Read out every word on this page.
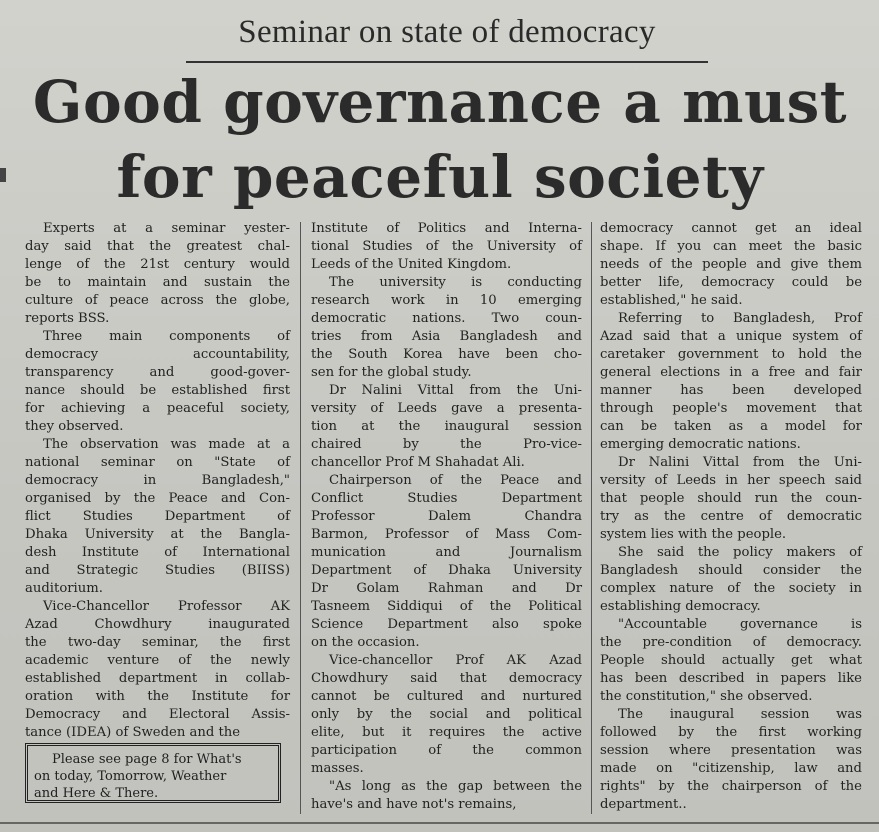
Seminar on state of democracy
Good governance a must
for peaceful society
Experts at a seminar yester-
day said that the greatest chal-
lenge of the 21st century would
be to maintain and sustain the
culture of peace across the globe,
reports BSS.
Three main components of
democracy accountability,
transparency and good-gover-
nance should be established first
for achieving a peaceful society,
they observed.
The observation was made at a
national seminar on "State of
democracy in Bangladesh,"
organised by the Peace and Con-
flict Studies Department of
Dhaka University at the Bangla-
desh Institute of International
and Strategic Studies (BIISS)
auditorium.
Vice-Chancellor Professor AK
Azad Chowdhury inaugurated
the two-day seminar, the first
academic venture of the newly
established department in collab-
oration with the Institute for
Democracy and Electoral Assis-
tance (IDEA) of Sweden and the
Institute of Politics and Interna-
tional Studies of the University of
Leeds of the United Kingdom.
The university is conducting
research work in 10 emerging
democratic nations. Two coun-
tries from Asia Bangladesh and
the South Korea have been cho-
sen for the global study.
Dr Nalini Vittal from the Uni-
versity of Leeds gave a presenta-
tion at the inaugural session
chaired by the Pro-vice-
chancellor Prof M Shahadat Ali.
Chairperson of the Peace and
Conflict Studies Department
Professor Dalem Chandra
Barmon, Professor of Mass Com-
munication and Journalism
Department of Dhaka University
Dr Golam Rahman and Dr
Tasneem Siddiqui of the Political
Science Department also spoke
on the occasion.
Vice-chancellor Prof AK Azad
Chowdhury said that democracy
cannot be cultured and nurtured
only by the social and political
elite, but it requires the active
participation of the common
masses.
"As long as the gap between the
have's and have not's remains,
democracy cannot get an ideal
shape. If you can meet the basic
needs of the people and give them
better life, democracy could be
established," he said.
Referring to Bangladesh, Prof
Azad said that a unique system of
caretaker government to hold the
general elections in a free and fair
manner has been developed
through people's movement that
can be taken as a model for
emerging democratic nations.
Dr Nalini Vittal from the Uni-
versity of Leeds in her speech said
that people should run the coun-
try as the centre of democratic
system lies with the people.
She said the policy makers of
Bangladesh should consider the
complex nature of the society in
establishing democracy.
"Accountable governance is
the pre-condition of democracy.
People should actually get what
has been described in papers like
the constitution," she observed.
The inaugural session was
followed by the first working
session where presentation was
made on "citizenship, law and
rights" by the chairperson of the
department..
Please see page 8 for What's
on today, Tomorrow, Weather
and Here & There.
